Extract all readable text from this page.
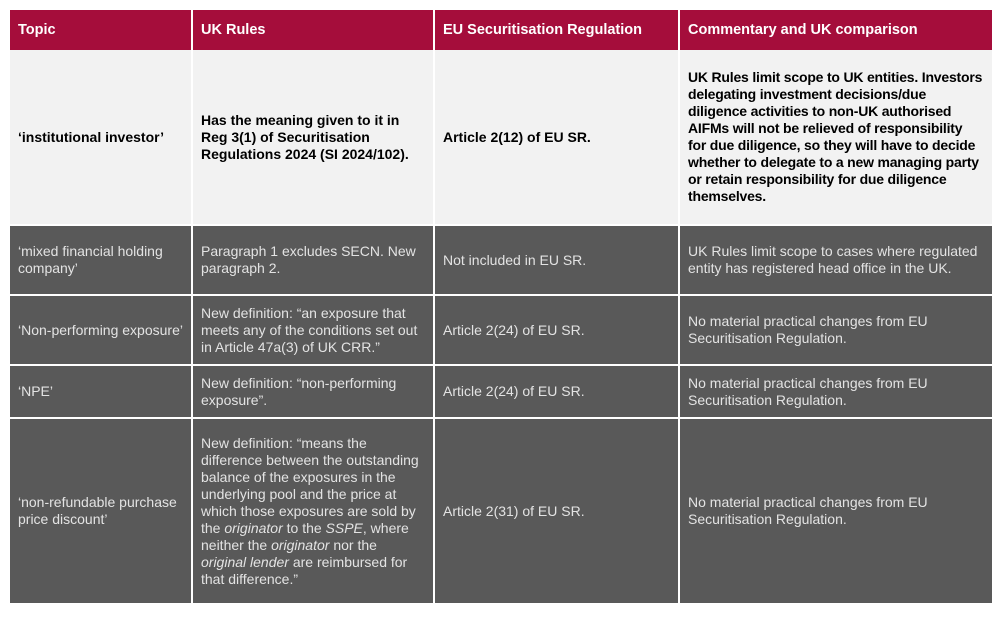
Topic	UK Rules	EU Securitisation Regulation	Commentary and UK comparison
‘institutional investor’	Has the meaning given to it in Reg 3(1) of Securitisation Regulations 2024 (SI 2024/102).	Article 2(12) of EU SR.	UK Rules limit scope to UK entities. Investors delegating investment decisions/due diligence activities to non-UK authorised AIFMs will not be relieved of responsibility for due diligence, so they will have to decide whether to delegate to a new managing party or retain responsibility for due diligence themselves.
‘mixed financial holding company’	Paragraph 1 excludes SECN. New paragraph 2.	Not included in EU SR.	UK Rules limit scope to cases where regulated entity has registered head office in the UK.
‘Non-performing exposure’	New definition: “an exposure that meets any of the conditions set out in Article 47a(3) of UK CRR.”	Article 2(24) of EU SR.	No material practical changes from EU Securitisation Regulation.
‘NPE’	New definition: “non-performing exposure”.	Article 2(24) of EU SR.	No material practical changes from EU Securitisation Regulation.
‘non-refundable purchase price discount’	New definition: “means the difference between the outstanding balance of the exposures in the underlying pool and the price at which those exposures are sold by the originator to the SSPE, where neither the originator nor the original lender are reimbursed for that difference.”	Article 2(31) of EU SR.	No material practical changes from EU Securitisation Regulation.
